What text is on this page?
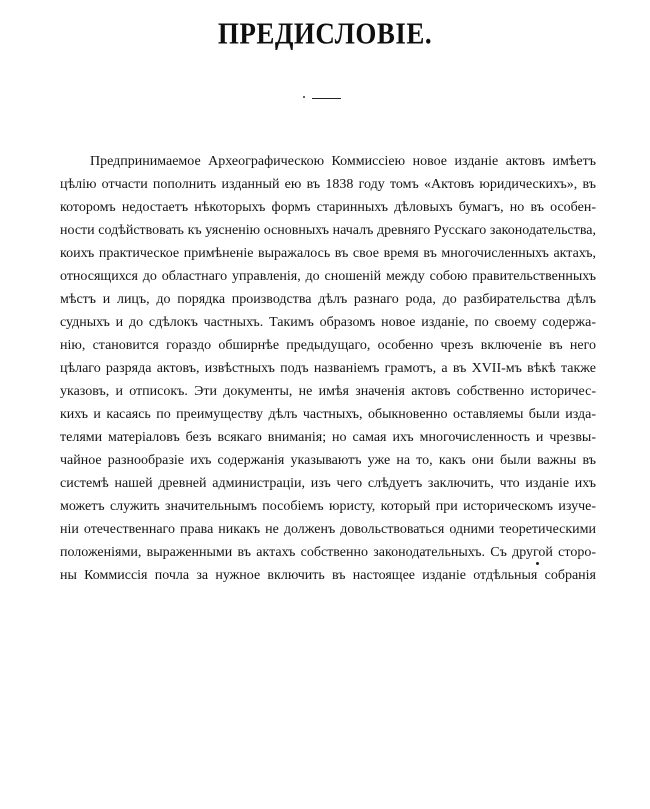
ПРЕДИСЛОВІЕ.
Предпринимаемое Археографическою Коммиссіею новое изданіе актовъ имѣетъ
цѣлію отчасти пополнить изданный ею въ 1838 году томъ «Актовъ юридическихъ», въ
которомъ недостаетъ нѣкоторыхъ формъ старинныхъ дѣловыхъ бумагъ, но въ особен-
ности содѣйствовать къ уясненію основныхъ началъ древняго Русскаго законодательства,
коихъ практическое примѣненіе выражалось въ свое время въ многочисленныхъ актахъ,
относящихся до областнаго управленія, до сношеній между собою правительственныхъ
мѣстъ и лицъ, до порядка производства дѣлъ разнаго рода, до разбирательства дѣлъ
судныхъ и до сдѣлокъ частныхъ. Такимъ образомъ новое изданіе, по своему содержа-
нію, становится гораздо обширнѣе предыдущаго, особенно чрезъ включеніе въ него
цѣлаго разряда актовъ, извѣстныхъ подъ названіемъ грамотъ, а въ XVII-мъ вѣкѣ также
указовъ, и отписокъ. Эти документы, не имѣя значенія актовъ собственно историчес-
кихъ и касаясь по преимуществу дѣлъ частныхъ, обыкновенно оставляемы были изда-
телями матеріаловъ безъ всякаго вниманія; но самая ихъ многочисленность и чрезвы-
чайное разнообразіе ихъ содержанія указываютъ уже на то, какъ они были важны въ
системѣ нашей древней администраціи, изъ чего слѣдуетъ заключить, что изданіе ихъ
можетъ служить значительнымъ пособіемъ юристу, который при историческомъ изуче-
ніи отечественнаго права никакъ не долженъ довольствоваться одними теоретическими
положеніями, выраженными въ актахъ собственно законодательныхъ. Съ другой сторо-
ны Коммиссія почла за нужное включить въ настоящее изданіе отдѣльныя собранія
